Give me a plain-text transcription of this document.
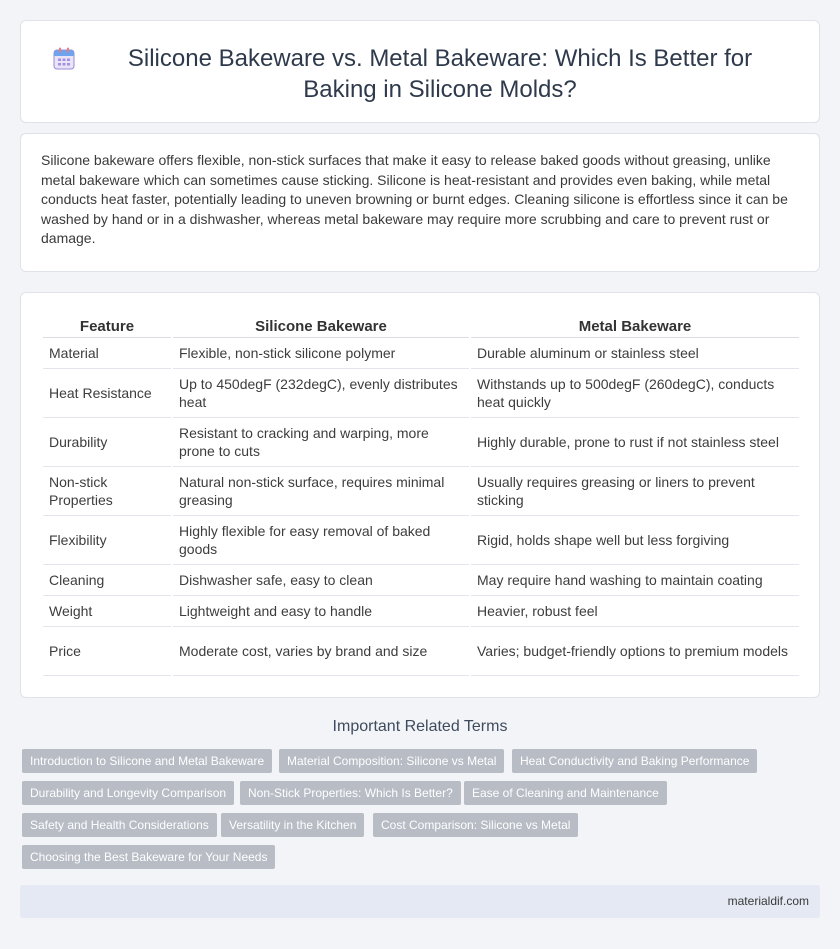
Silicone Bakeware vs. Metal Bakeware: Which Is Better for Baking in Silicone Molds?

Silicone bakeware offers flexible, non-stick surfaces that make it easy to release baked goods without greasing, unlike metal bakeware which can sometimes cause sticking. Silicone is heat-resistant and provides even baking, while metal conducts heat faster, potentially leading to uneven browning or burnt edges. Cleaning silicone is effortless since it can be washed by hand or in a dishwasher, whereas metal bakeware may require more scrubbing and care to prevent rust or damage.

Feature	Silicone Bakeware	Metal Bakeware
Material	Flexible, non-stick silicone polymer	Durable aluminum or stainless steel
Heat Resistance	Up to 450degF (232degC), evenly distributes heat	Withstands up to 500degF (260degC), conducts heat quickly
Durability	Resistant to cracking and warping, more prone to cuts	Highly durable, prone to rust if not stainless steel
Non-stick Properties	Natural non-stick surface, requires minimal greasing	Usually requires greasing or liners to prevent sticking
Flexibility	Highly flexible for easy removal of baked goods	Rigid, holds shape well but less forgiving
Cleaning	Dishwasher safe, easy to clean	May require hand washing to maintain coating
Weight	Lightweight and easy to handle	Heavier, robust feel
Price	Moderate cost, varies by brand and size	Varies; budget-friendly options to premium models
Important Related Terms
Introduction to Silicone and Metal Bakeware	Material Composition: Silicone vs Metal	Heat Conductivity and Baking Performance
Durability and Longevity Comparison	Non-Stick Properties: Which Is Better?	Ease of Cleaning and Maintenance
Safety and Health Considerations	Versatility in the Kitchen	Cost Comparison: Silicone vs Metal
Choosing the Best Bakeware for Your Needs
materialdif.com
